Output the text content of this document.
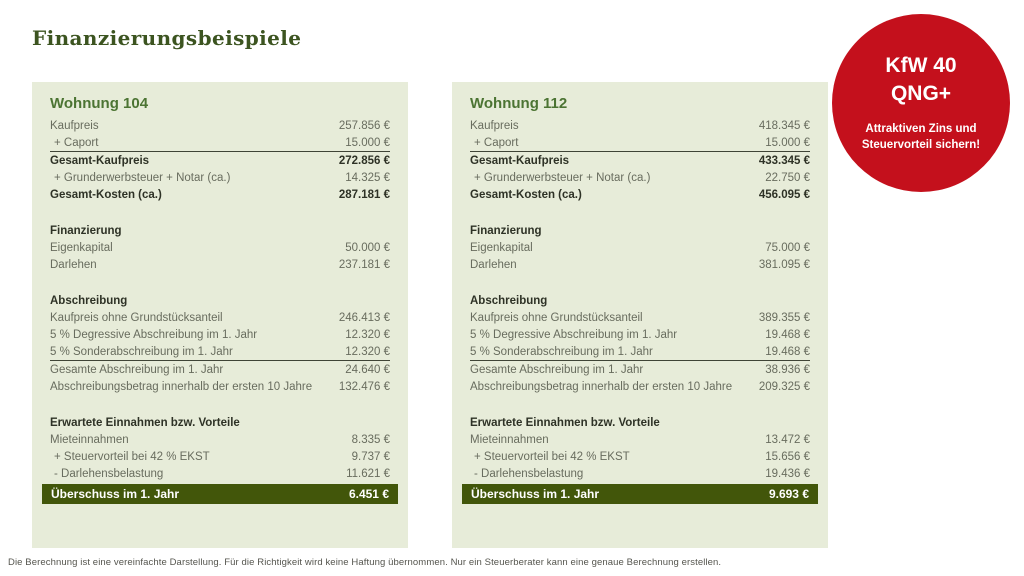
Finanzierungsbeispiele
KfW 40
QNG+
Attraktiven Zins und Steuervorteil sichern!
Wohnung 104
Kaufpreis	257.856 €
+ Caport	15.000 €
Gesamt-Kaufpreis	272.856 €
+ Grunderwerbsteuer + Notar (ca.)	14.325 €
Gesamt-Kosten (ca.)	287.181 €
Finanzierung
Eigenkapital	50.000 €
Darlehen	237.181 €
Abschreibung
Kaufpreis ohne Grundstücksanteil	246.413 €
5 % Degressive Abschreibung im 1. Jahr	12.320 €
5 % Sonderabschreibung im 1. Jahr	12.320 €
Gesamte Abschreibung im 1. Jahr	24.640 €
Abschreibungsbetrag innerhalb der ersten 10 Jahre 132.476 €
Erwartete Einnahmen bzw. Vorteile
Mieteinnahmen	8.335 €
+ Steuervorteil bei 42 % EKST	9.737 €
- Darlehensbelastung	11.621 €
Überschuss im 1. Jahr	6.451 €
Wohnung 112
Kaufpreis	418.345 €
+ Caport	15.000 €
Gesamt-Kaufpreis	433.345 €
+ Grunderwerbsteuer + Notar (ca.)	22.750 €
Gesamt-Kosten (ca.)	456.095 €
Finanzierung
Eigenkapital	75.000 €
Darlehen	381.095 €
Abschreibung
Kaufpreis ohne Grundstücksanteil	389.355 €
5 % Degressive Abschreibung im 1. Jahr	19.468 €
5 % Sonderabschreibung im 1. Jahr	19.468 €
Gesamte Abschreibung im 1. Jahr	38.936 €
Abschreibungsbetrag innerhalb der ersten 10 Jahre 209.325 €
Erwartete Einnahmen bzw. Vorteile
Mieteinnahmen	13.472 €
+ Steuervorteil bei 42 % EKST	15.656 €
- Darlehensbelastung	19.436 €
Überschuss im 1. Jahr	9.693 €
Die Berechnung ist eine vereinfachte Darstellung. Für die Richtigkeit wird keine Haftung übernommen. Nur ein Steuerberater kann eine genaue Berechnung erstellen.
